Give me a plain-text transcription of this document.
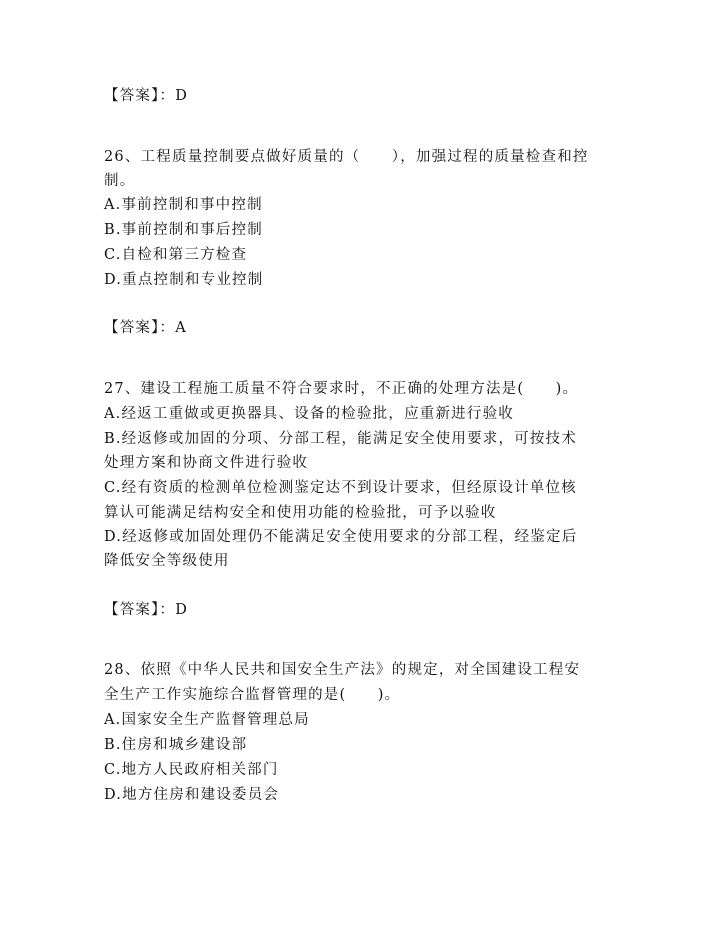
【答案】：D
26、工程质量控制要点做好质量的（　　），加强过程的质量检查和控
制。
A.事前控制和事中控制
B.事前控制和事后控制
C.自检和第三方检查
D.重点控制和专业控制
【答案】：A
27、建设工程施工质量不符合要求时，不正确的处理方法是(　　)。
A.经返工重做或更换器具、设备的检验批，应重新进行验收
B.经返修或加固的分项、分部工程，能满足安全使用要求，可按技术
处理方案和协商文件进行验收
C.经有资质的检测单位检测鉴定达不到设计要求，但经原设计单位核
算认可能满足结构安全和使用功能的检验批，可予以验收
D.经返修或加固处理仍不能满足安全使用要求的分部工程，经鉴定后
降低安全等级使用
【答案】：D
28、依照《中华人民共和国安全生产法》的规定，对全国建设工程安
全生产工作实施综合监督管理的是(　　)。
A.国家安全生产监督管理总局
B.住房和城乡建设部
C.地方人民政府相关部门
D.地方住房和建设委员会
